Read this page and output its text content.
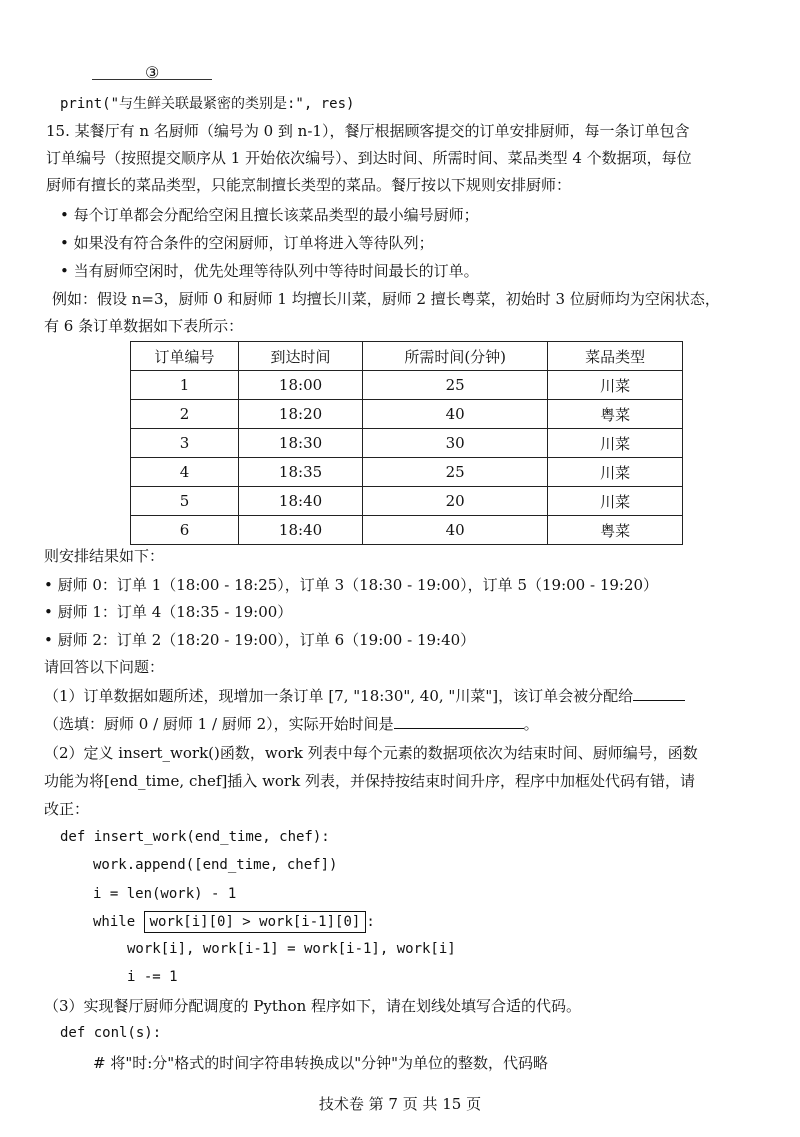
③
print("与生鲜关联最紧密的类别是:", res)
15. 某餐厅有 n 名厨师（编号为 0 到 n-1），餐厅根据顾客提交的订单安排厨师，每一条订单包含
订单编号（按照提交顺序从 1 开始依次编号）、到达时间、所需时间、菜品类型 4 个数据项，每位
厨师有擅长的菜品类型，只能烹制擅长类型的菜品。餐厅按以下规则安排厨师：
• 每个订单都会分配给空闲且擅长该菜品类型的最小编号厨师；
• 如果没有符合条件的空闲厨师，订单将进入等待队列；
• 当有厨师空闲时，优先处理等待队列中等待时间最长的订单。
例如：假设 n=3，厨师 0 和厨师 1 均擅长川菜，厨师 2 擅长粤菜，初始时 3 位厨师均为空闲状态，
有 6 条订单数据如下表所示：
订单编号	到达时间	所需时间(分钟)	菜品类型
1	18:00	25	川菜
2	18:20	40	粤菜
3	18:30	30	川菜
4	18:35	25	川菜
5	18:40	20	川菜
6	18:40	40	粤菜
则安排结果如下：
• 厨师 0：订单 1（18:00 - 18:25），订单 3（18:30 - 19:00），订单 5（19:00 - 19:20）
• 厨师 1：订单 4（18:35 - 19:00）
• 厨师 2：订单 2（18:20 - 19:00），订单 6（19:00 - 19:40）
请回答以下问题：
（1）订单数据如题所述，现增加一条订单 [7, "18:30", 40, "川菜"]，该订单会被分配给
（选填：厨师 0 / 厨师 1 / 厨师 2），实际开始时间是	。
（2）定义 insert_work()函数，work 列表中每个元素的数据项依次为结束时间、厨师编号，函数
功能为将[end_time, chef]插入 work 列表，并保持按结束时间升序，程序中加框处代码有错，请
改正：
def insert_work(end_time, chef):
work.append([end_time, chef])
i = len(work) - 1
while work[i][0] > work[i-1][0] :
work[i], work[i-1] = work[i-1], work[i]
i -= 1
（3）实现餐厅厨师分配调度的 Python 程序如下，请在划线处填写合适的代码。
def conl(s):
# 将"时:分"格式的时间字符串转换成以"分钟"为单位的整数，代码略
技术卷 第 7 页 共 15 页
